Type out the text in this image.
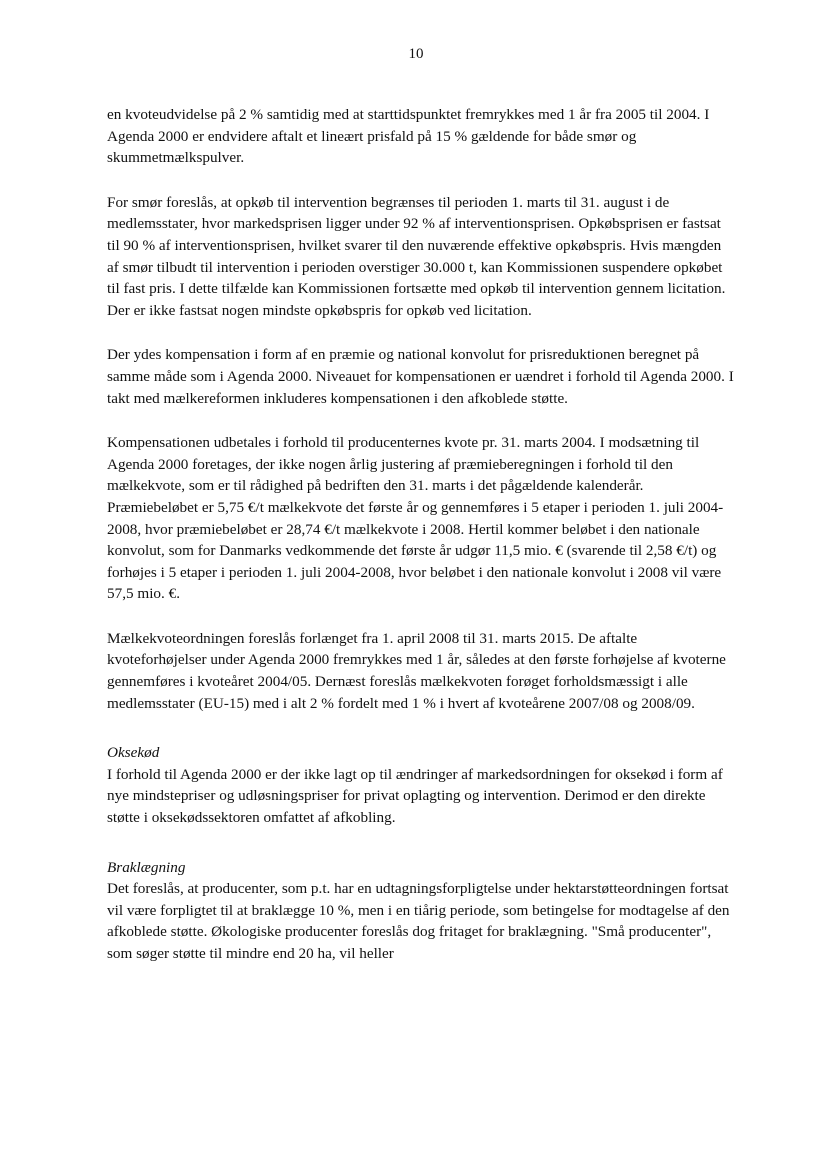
10

en kvoteudvidelse på 2 % samtidig med at starttidspunktet fremrykkes med 1 år fra 2005 til 2004. I Agenda 2000 er endvidere aftalt et lineært prisfald på 15 % gældende for både smør og skummetmælkspulver.

For smør foreslås, at opkøb til intervention begrænses til perioden 1. marts til 31. august i de medlemsstater, hvor markedsprisen ligger under 92 % af interventionsprisen. Opkøbsprisen er fastsat til 90 % af interventionsprisen, hvilket svarer til den nuværende effektive opkøbspris. Hvis mængden af smør tilbudt til intervention i perioden overstiger 30.000 t, kan Kommissionen suspendere opkøbet til fast pris. I dette tilfælde kan Kommissionen fortsætte med opkøb til intervention gennem licitation. Der er ikke fastsat nogen mindste opkøbspris for opkøb ved licitation.

Der ydes kompensation i form af en præmie og national konvolut for prisreduktionen beregnet på samme måde som i Agenda 2000. Niveauet for kompensationen er uændret i forhold til Agenda 2000. I takt med mælkereformen inkluderes kompensationen i den afkoblede støtte.

Kompensationen udbetales i forhold til producenternes kvote pr. 31. marts 2004. I modsætning til Agenda 2000 foretages, der ikke nogen årlig justering af præmieberegningen i forhold til den mælkekvote, som er til rådighed på bedriften den 31. marts i det pågældende kalenderår. Præmiebeløbet er 5,75 €/t mælkekvote det første år og gennemføres i 5 etaper i perioden 1. juli 2004-2008, hvor præmiebeløbet er 28,74 €/t mælkekvote i 2008. Hertil kommer beløbet i den nationale konvolut, som for Danmarks vedkommende det første år udgør 11,5 mio. € (svarende til 2,58 €/t) og forhøjes i 5 etaper i perioden 1. juli 2004-2008, hvor beløbet i den nationale konvolut i 2008 vil være 57,5 mio. €.

Mælkekvoteordningen foreslås forlænget fra 1. april 2008 til 31. marts 2015. De aftalte kvoteforhøjelser under Agenda 2000 fremrykkes med 1 år, således at den første forhøjelse af kvoterne gennemføres i kvoteåret 2004/05. Dernæst foreslås mælkekvoten forøget forholdsmæssigt i alle medlemsstater (EU-15) med i alt 2 % fordelt med 1 % i hvert af kvoteårene 2007/08 og 2008/09.

Oksekød

I forhold til Agenda 2000 er der ikke lagt op til ændringer af markedsordningen for oksekød i form af nye mindstepriser og udløsningspriser for privat oplagting og intervention. Derimod er den direkte støtte i oksekødssektoren omfattet af afkobling.

Braklægning

Det foreslås, at producenter, som p.t. har en udtagningsforpligtelse under hektarstøtteordningen fortsat vil være forpligtet til at braklægge 10 %, men i en tiårig periode, som betingelse for modtagelse af den afkoblede støtte. Økologiske producenter foreslås dog fritaget for braklægning. "Små producenter", som søger støtte til mindre end 20 ha, vil heller
